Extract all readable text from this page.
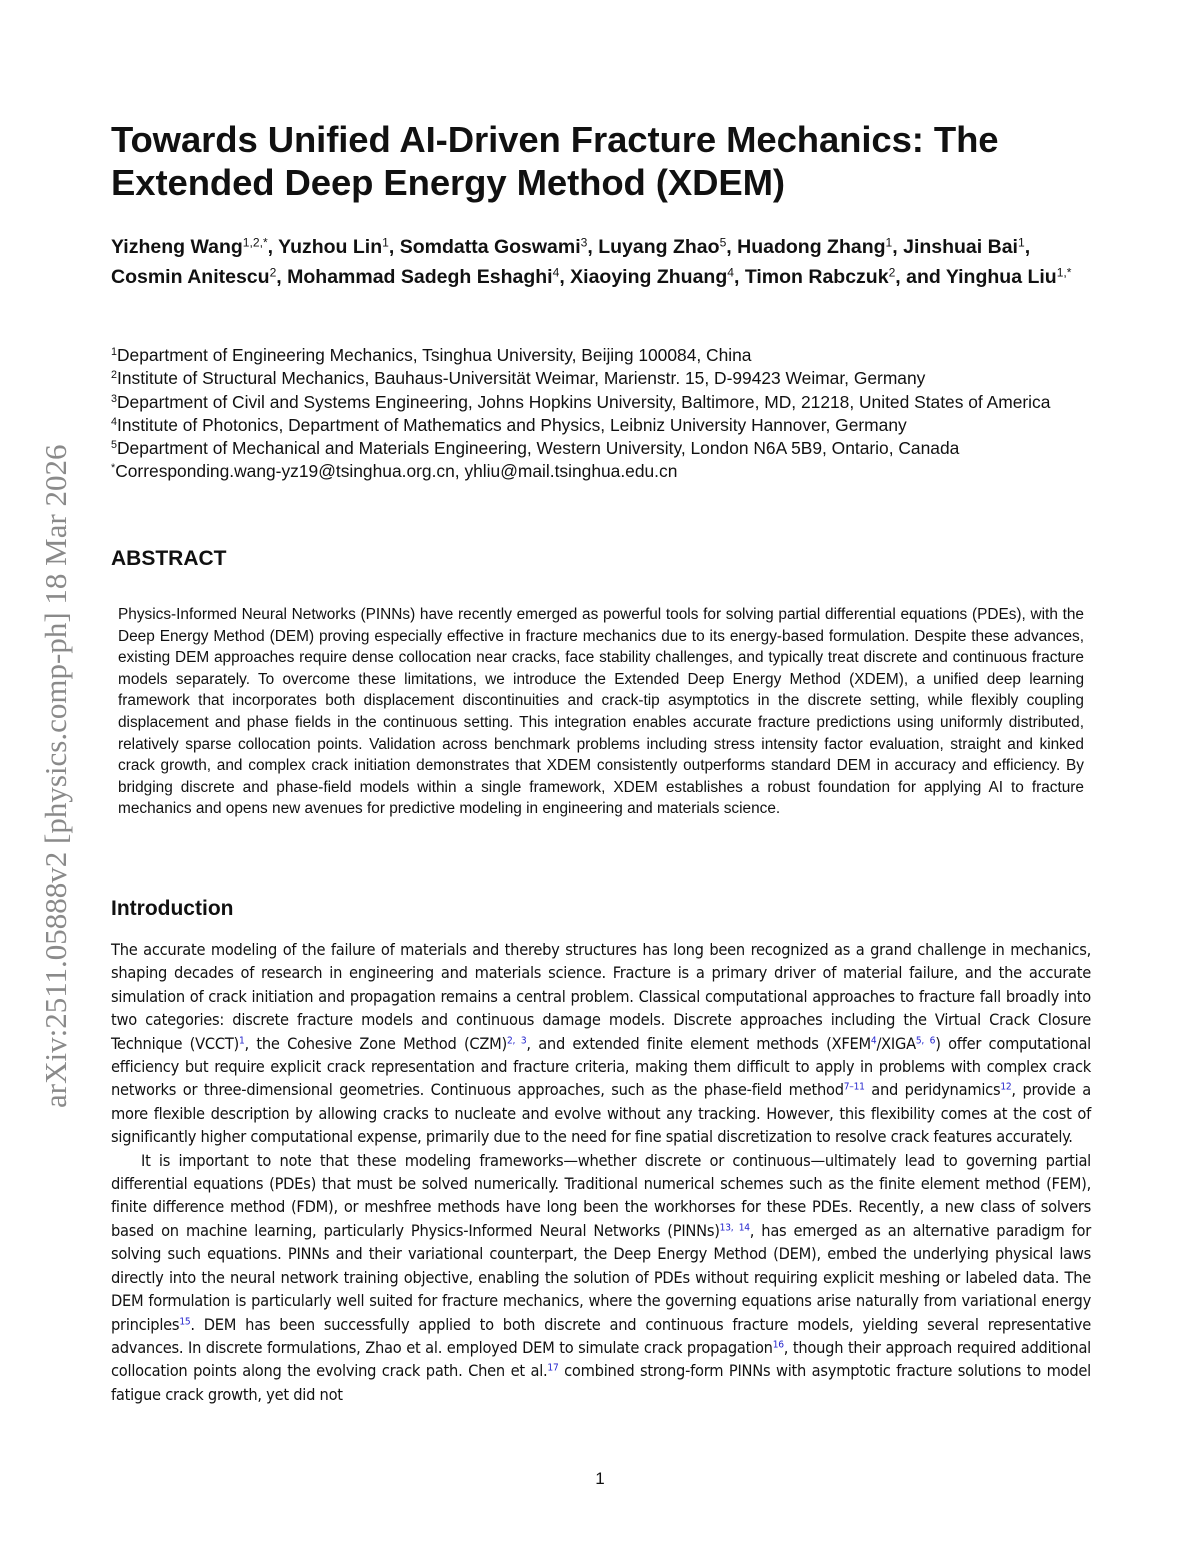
arXiv:2511.05888v2 [physics.comp-ph] 18 Mar 2026
Towards Unified AI-Driven Fracture Mechanics: The Extended Deep Energy Method (XDEM)
Yizheng Wang$^{1,2,*}$, Yuzhou Lin$^1$, Somdatta Goswami$^3$, Luyang Zhao$^5$, Huadong Zhang$^1$, Jinshuai Bai$^1$, Cosmin Anitescu$^2$, Mohammad Sadegh Eshaghi$^4$, Xiaoying Zhuang$^4$, Timon Rabczuk$^2$, and Yinghua Liu$^{1,*}$
$^1$Department of Engineering Mechanics, Tsinghua University, Beijing 100084, China
$^2$Institute of Structural Mechanics, Bauhaus-Universität Weimar, Marienstr. 15, D-99423 Weimar, Germany
$^3$Department of Civil and Systems Engineering, Johns Hopkins University, Baltimore, MD, 21218, United States of America
$^4$Institute of Photonics, Department of Mathematics and Physics, Leibniz University Hannover, Germany
$^5$Department of Mechanical and Materials Engineering, Western University, London N6A 5B9, Ontario, Canada
*Corresponding.wang-yz19@tsinghua.org.cn, yhliu@mail.tsinghua.edu.cn
ABSTRACT

Physics-Informed Neural Networks (PINNs) have recently emerged as powerful tools for solving partial differential equations (PDEs), with the Deep Energy Method (DEM) proving especially effective in fracture mechanics due to its energy-based formulation. Despite these advances, existing DEM approaches require dense collocation near cracks, face stability challenges, and typically treat discrete and continuous fracture models separately. To overcome these limitations, we introduce the Extended Deep Energy Method (XDEM), a unified deep learning framework that incorporates both displacement discontinuities and crack-tip asymptotics in the discrete setting, while flexibly coupling displacement and phase fields in the continuous setting. This integration enables accurate fracture predictions using uniformly distributed, relatively sparse collocation points. Validation across benchmark problems including stress intensity factor evaluation, straight and kinked crack growth, and complex crack initiation demonstrates that XDEM consistently outperforms standard DEM in accuracy and efficiency. By bridging discrete and phase-field models within a single framework, XDEM establishes a robust foundation for applying AI to fracture mechanics and opens new avenues for predictive modeling in engineering and materials science.

Introduction

The accurate modeling of the failure of materials and thereby structures has long been recognized as a grand challenge in mechanics, shaping decades of research in engineering and materials science. Fracture is a primary driver of material failure, and the accurate simulation of crack initiation and propagation remains a central problem. Classical computational approaches to fracture fall broadly into two categories: discrete fracture models and continuous damage models. Discrete approaches including the Virtual Crack Closure Technique (VCCT)$^1$, the Cohesive Zone Method (CZM)$^{2, 3}$, and extended finite element methods (XFEM$^4$/XIGA$^{5, 6}$) offer computational efficiency but require explicit crack representation and fracture criteria, making them difficult to apply in problems with complex crack networks or three-dimensional geometries. Continuous approaches, such as the phase-field method$^{7-11}$ and peridynamics$^{12}$, provide a more flexible description by allowing cracks to nucleate and evolve without any tracking. However, this flexibility comes at the cost of significantly higher computational expense, primarily due to the need for fine spatial discretization to resolve crack features accurately.

It is important to note that these modeling frameworks—whether discrete or continuous—ultimately lead to governing partial differential equations (PDEs) that must be solved numerically. Traditional numerical schemes such as the finite element method (FEM), finite difference method (FDM), or meshfree methods have long been the workhorses for these PDEs. Recently, a new class of solvers based on machine learning, particularly Physics-Informed Neural Networks (PINNs)$^{13, 14}$, has emerged as an alternative paradigm for solving such equations. PINNs and their variational counterpart, the Deep Energy Method (DEM), embed the underlying physical laws directly into the neural network training objective, enabling the solution of PDEs without requiring explicit meshing or labeled data. The DEM formulation is particularly well suited for fracture mechanics, where the governing equations arise naturally from variational energy principles$^{15}$. DEM has been successfully applied to both discrete and continuous fracture models, yielding several representative advances. In discrete formulations, Zhao et al. employed DEM to simulate crack propagation$^{16}$, though their approach required additional collocation points along the evolving crack path. Chen et al.$^{17}$ combined strong-form PINNs with asymptotic fracture solutions to model fatigue crack growth, yet did not

1
